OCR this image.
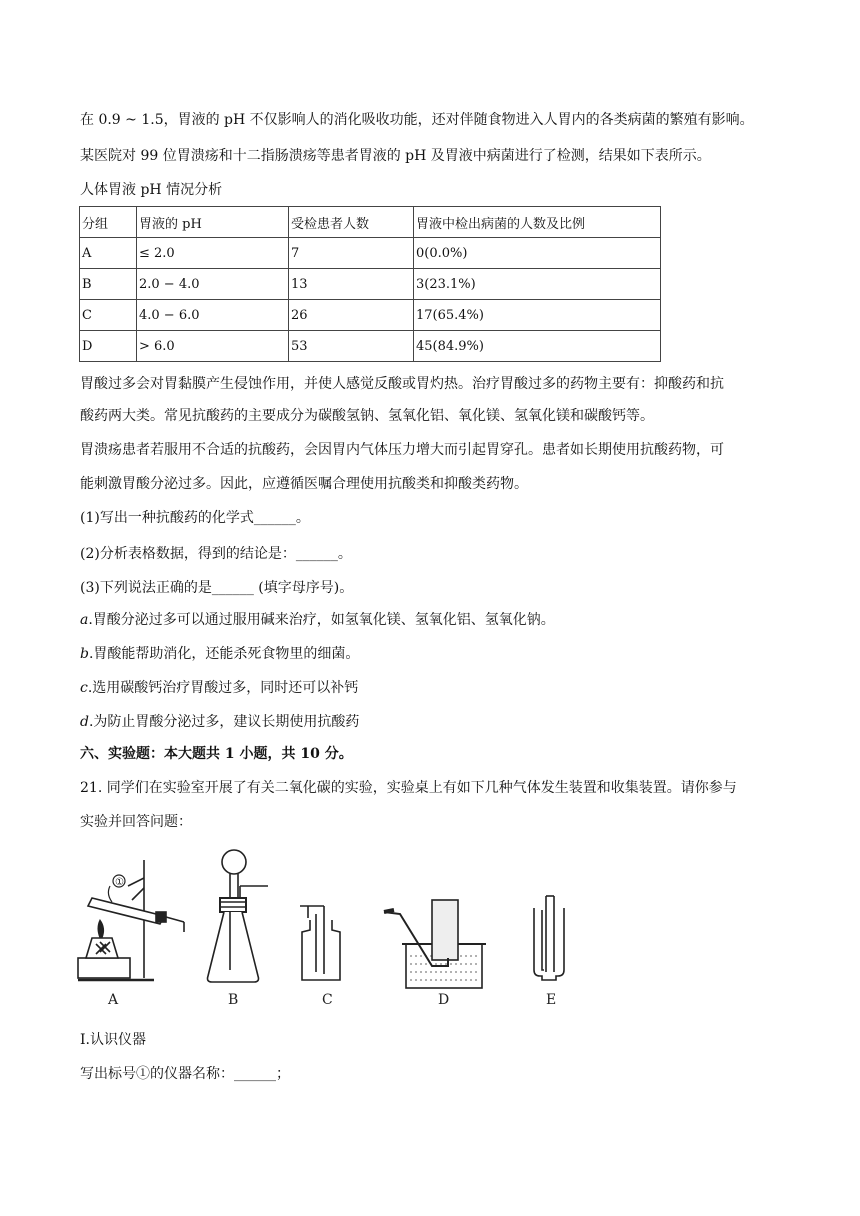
在 0.9 ~ 1.5，胃液的 pH 不仅影响人的消化吸收功能，还对伴随食物进入人胃内的各类病菌的繁殖有影响。
某医院对 99 位胃溃疡和十二指肠溃疡等患者胃液的 pH 及胃液中病菌进行了检测，结果如下表所示。
人体胃液 pH 情况分析
分组	胃液的 pH	受检患者人数	胃液中检出病菌的人数及比例
A	≤ 2.0	7	0(0.0%)
B	2.0 − 4.0	13	3(23.1%)
C	4.0 − 6.0	26	17(65.4%)
D	> 6.0	53	45(84.9%)
胃酸过多会对胃黏膜产生侵蚀作用，并使人感觉反酸或胃灼热。治疗胃酸过多的药物主要有：抑酸药和抗
酸药两大类。常见抗酸药的主要成分为碳酸氢钠、氢氧化铝、氧化镁、氢氧化镁和碳酸钙等。
胃溃疡患者若服用不合适的抗酸药，会因胃内气体压力增大而引起胃穿孔。患者如长期使用抗酸药物，可
能刺激胃酸分泌过多。因此，应遵循医嘱合理使用抗酸类和抑酸类药物。
(1)写出一种抗酸药的化学式______。
(2)分析表格数据，得到的结论是：______。
(3)下列说法正确的是______ (填字母序号)。
a.胃酸分泌过多可以通过服用碱来治疗，如氢氧化镁、氢氧化铝、氢氧化钠。
b.胃酸能帮助消化，还能杀死食物里的细菌。
c.选用碳酸钙治疗胃酸过多，同时还可以补钙
d.为防止胃酸分泌过多，建议长期使用抗酸药
六、实验题：本大题共 1 小题，共 10 分。
21. 同学们在实验室开展了有关二氧化碳的实验，实验桌上有如下几种气体发生装置和收集装置。请你参与
实验并回答问题：
①
A	B	C	D	E
Ⅰ.认识仪器
写出标号①的仪器名称：______；
